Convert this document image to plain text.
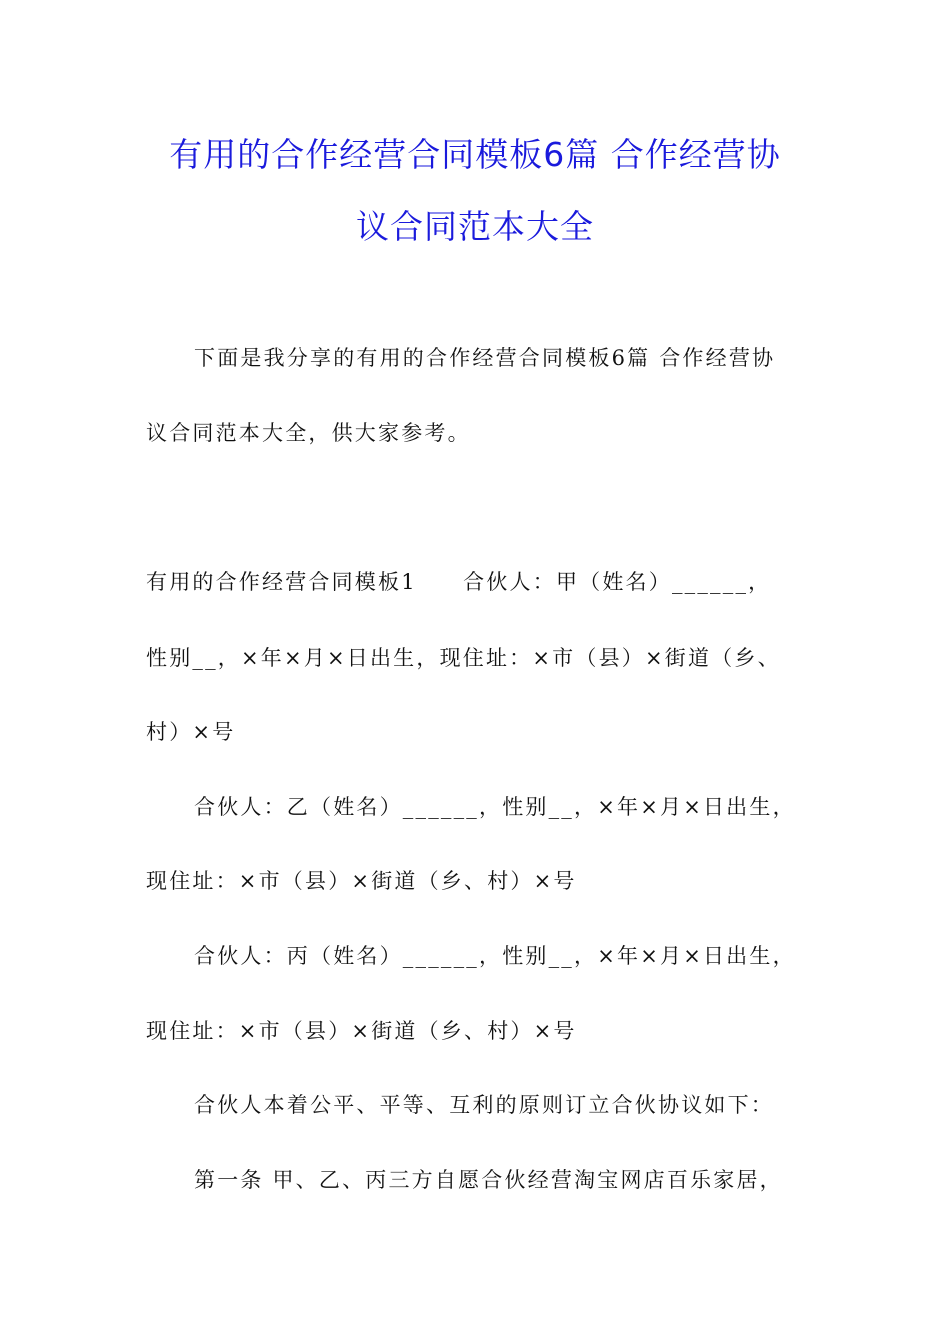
有用的合作经营合同模板6篇 合作经营协
议合同范本大全
下面是我分享的有用的合作经营合同模板6篇 合作经营协
议合同范本大全，供大家参考。
有用的合作经营合同模板1　　合伙人：甲（姓名）______，
性别__，×年×月×日出生，现住址：×市（县）×街道（乡、
村）×号
合伙人：乙（姓名）______，性别__，×年×月×日出生，
现住址：×市（县）×街道（乡、村）×号
合伙人：丙（姓名）______，性别__，×年×月×日出生，
现住址：×市（县）×街道（乡、村）×号
合伙人本着公平、平等、互利的原则订立合伙协议如下：
第一条 甲、乙、丙三方自愿合伙经营淘宝网店百乐家居，
